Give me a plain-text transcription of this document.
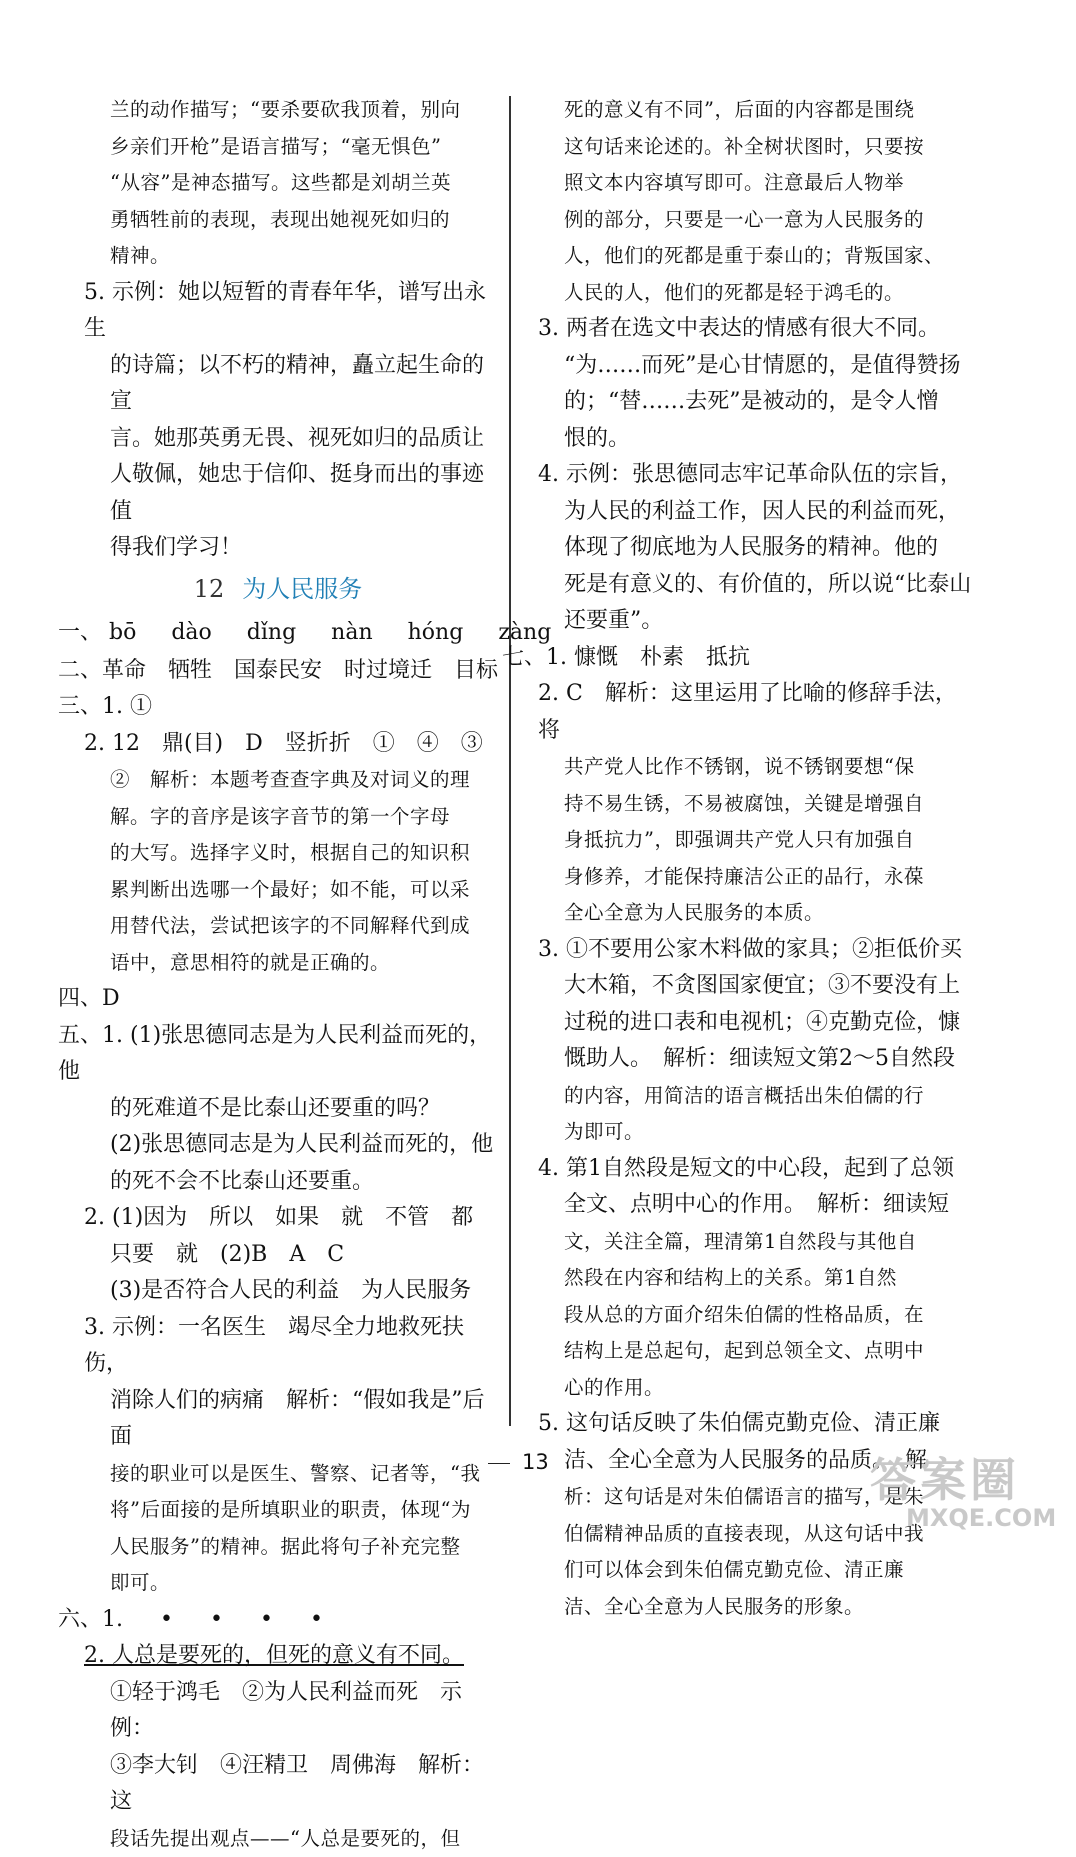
兰的动作描写；“要杀要砍我顶着，别向

乡亲们开枪”是语言描写；“毫无惧色”

“从容”是神态描写。这些都是刘胡兰英

勇牺牲前的表现，表现出她视死如归的

精神。

5. 示例：她以短暂的青春年华，谱写出永生

的诗篇；以不朽的精神，矗立起生命的宣

言。她那英勇无畏、视死如归的品质让

人敬佩，她忠于信仰、挺身而出的事迹值

得我们学习！

12 为人民服务

一、 bō dào dǐng nàn hóng zàng

二、革命　牺牲　国泰民安　时过境迁　目标

三、1. ①

2. 12　鼎(目)　D　竖折折　①　④　③

②　解析：本题考查查字典及对词义的理

解。字的音序是该字音节的第一个字母

的大写。选择字义时，根据自己的知识积

累判断出选哪一个最好；如不能，可以采

用替代法，尝试把该字的不同解释代到成

语中，意思相符的就是正确的。

四、D

五、1. (1)张思德同志是为人民利益而死的，他

的死难道不是比泰山还要重的吗？

(2)张思德同志是为人民利益而死的，他

的死不会不比泰山还要重。

2. (1)因为　所以　如果　就　不管　都

只要　就　(2)B　A　C

(3)是否符合人民的利益　为人民服务

3. 示例：一名医生　竭尽全力地救死扶伤，

消除人们的病痛　解析：“假如我是”后面

接的职业可以是医生、警察、记者等，“我

将”后面接的是所填职业的职责，体现“为

人民服务”的精神。据此将句子补充完整

即可。

六、1. • • • •

2. 人总是要死的，但死的意义有不同。

①轻于鸿毛　②为人民利益而死　示例：

③李大钊　④汪精卫　周佛海　解析：这

段话先提出观点——“人总是要死的，但

死的意义有不同”，后面的内容都是围绕

这句话来论述的。补全树状图时，只要按

照文本内容填写即可。注意最后人物举

例的部分，只要是一心一意为人民服务的

人，他们的死都是重于泰山的；背叛国家、

人民的人，他们的死都是轻于鸿毛的。

3. 两者在选文中表达的情感有很大不同。

“为……而死”是心甘情愿的，是值得赞扬

的；“替……去死”是被动的，是令人憎

恨的。

4. 示例：张思德同志牢记革命队伍的宗旨，

为人民的利益工作，因人民的利益而死，

体现了彻底地为人民服务的精神。他的

死是有意义的、有价值的，所以说“比泰山

还要重”。

七、1. 慷慨　朴素　抵抗

2. C　解析：这里运用了比喻的修辞手法，将

共产党人比作不锈钢，说不锈钢要想“保

持不易生锈，不易被腐蚀，关键是增强自

身抵抗力”，即强调共产党人只有加强自

身修养，才能保持廉洁公正的品行，永葆

全心全意为人民服务的本质。

3. ①不要用公家木料做的家具；②拒低价买

大木箱，不贪图国家便宜；③不要没有上

过税的进口表和电视机；④克勤克俭，慷

慨助人。　解析：细读短文第2～5自然段

的内容，用简洁的语言概括出朱伯儒的行

为即可。

4. 第1自然段是短文的中心段，起到了总领

全文、点明中心的作用。　解析：细读短

文，关注全篇，理清第1自然段与其他自

然段在内容和结构上的关系。第1自然

段从总的方面介绍朱伯儒的性格品质，在

结构上是总起句，起到总领全文、点明中

心的作用。

5. 这句话反映了朱伯儒克勤克俭、清正廉

洁、全心全意为人民服务的品质。　解

析：这句话是对朱伯儒语言的描写，是朱

伯儒精神品质的直接表现，从这句话中我

们可以体会到朱伯儒克勤克俭、清正廉

洁、全心全意为人民服务的形象。

13	答案圈
MXQE.COM
